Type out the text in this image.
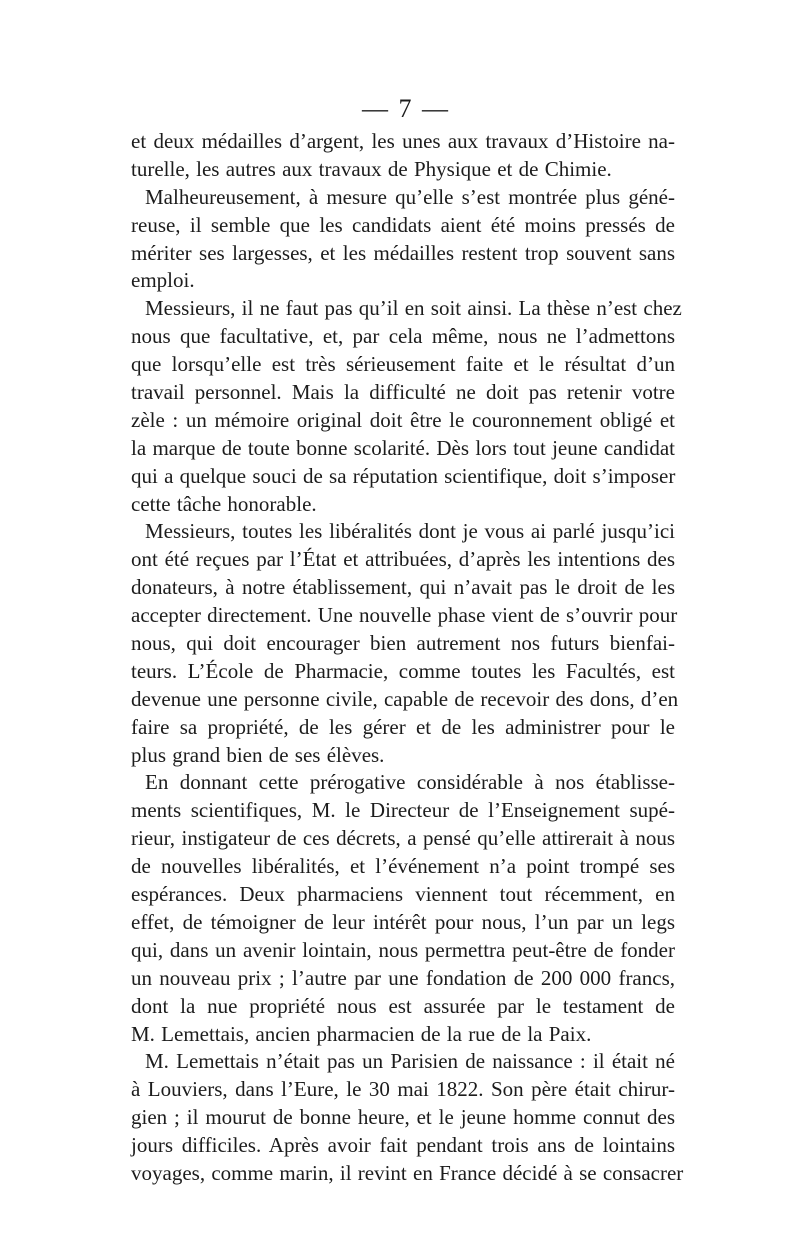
— 7 —
et deux médailles d’argent, les unes aux travaux d’Histoire na-
turelle, les autres aux travaux de Physique et de Chimie.
Malheureusement, à mesure qu’elle s’est montrée plus géné-
reuse, il semble que les candidats aient été moins pressés de
mériter ses largesses, et les médailles restent trop souvent sans
emploi.
Messieurs, il ne faut pas qu’il en soit ainsi. La thèse n’est chez
nous que facultative, et, par cela même, nous ne l’admettons
que lorsqu’elle est très sérieusement faite et le résultat d’un
travail personnel. Mais la difficulté ne doit pas retenir votre
zèle : un mémoire original doit être le couronnement obligé et
la marque de toute bonne scolarité. Dès lors tout jeune candidat
qui a quelque souci de sa réputation scientifique, doit s’imposer
cette tâche honorable.
Messieurs, toutes les libéralités dont je vous ai parlé jusqu’ici
ont été reçues par l’État et attribuées, d’après les intentions des
donateurs, à notre établissement, qui n’avait pas le droit de les
accepter directement. Une nouvelle phase vient de s’ouvrir pour
nous, qui doit encourager bien autrement nos futurs bienfai-
teurs. L’École de Pharmacie, comme toutes les Facultés, est
devenue une personne civile, capable de recevoir des dons, d’en
faire sa propriété, de les gérer et de les administrer pour le
plus grand bien de ses élèves.
En donnant cette prérogative considérable à nos établisse-
ments scientifiques, M. le Directeur de l’Enseignement supé-
rieur, instigateur de ces décrets, a pensé qu’elle attirerait à nous
de nouvelles libéralités, et l’événement n’a point trompé ses
espérances. Deux pharmaciens viennent tout récemment, en
effet, de témoigner de leur intérêt pour nous, l’un par un legs
qui, dans un avenir lointain, nous permettra peut-être de fonder
un nouveau prix ; l’autre par une fondation de 200 000 francs,
dont la nue propriété nous est assurée par le testament de
M. Lemettais, ancien pharmacien de la rue de la Paix.
M. Lemettais n’était pas un Parisien de naissance : il était né
à Louviers, dans l’Eure, le 30 mai 1822. Son père était chirur-
gien ; il mourut de bonne heure, et le jeune homme connut des
jours difficiles. Après avoir fait pendant trois ans de lointains
voyages, comme marin, il revint en France décidé à se consacrer
